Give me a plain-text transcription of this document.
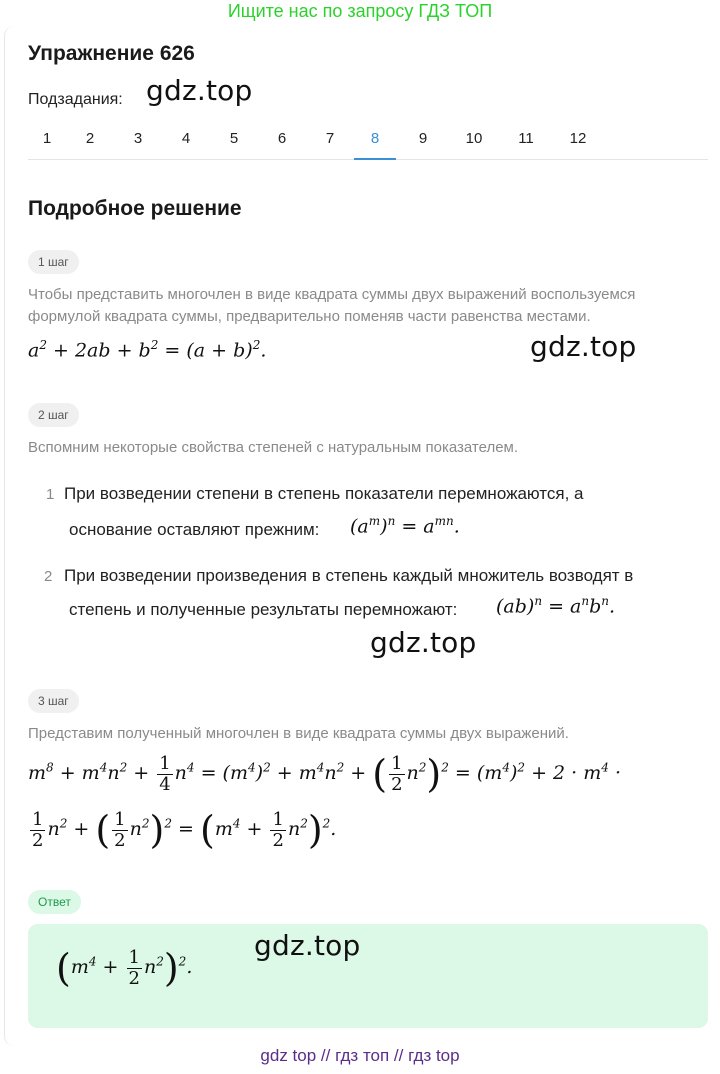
Ищите нас по запросу ГДЗ ТОП
Упражнение 626
Подзадания: gdz.top
1	2	3	4	5	6	7	8	9	10	11	12
Подробное решение
1 шаг
Чтобы представить многочлен в виде квадрата суммы двух выражений воспользуемся формулой квадрата суммы, предварительно поменяв части равенства местами.
$a^2 + 2ab + b^2 = (a + b)^2$.	gdz.top
2 шаг
Вспомним некоторые свойства степеней с натуральным показателем.
1 При возведении степени в степень показатели перемножаются, а
основание оставляют прежним: $(a^m)^n = a^{mn}$.
2 При возведении произведения в степень каждый множитель возводят в
степень и полученные результаты перемножают: $(ab)^n = a^nb^n$.
gdz.top
3 шаг
Представим полученный многочлен в виде квадрата суммы двух выражений.
$m^8 + m^4n^2 + \frac{1}{4} n^4 = (m^4)^2 + m^4n^2$ + ( $\frac{1}{2} n^2)^2 = (m^4)^2 + 2 \cdot m^4$ ·
$\frac{1}{2} n^2$ + ( $\frac{1}{2} n^2)^2 = (m^4 + \frac{1}{2} n^2)^2$.
Ответ
$(m^4 + \frac{1}{2} n^2)^2$.
gdz.top
gdz top // гдз топ // гдз top
